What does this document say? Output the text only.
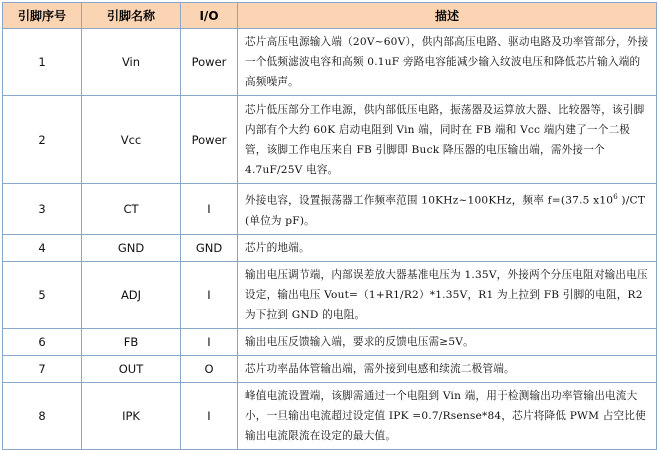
引脚序号	引脚名称	I/O	描述
1	Vin	Power	芯片高压电源输入端（20V~60V），供内部高压电路、驱动电路及功率管部分，外接一个低频滤波电容和高频 0.1uF 旁路电容能减少输入纹波电压和降低芯片输入端的高频噪声。
2	Vcc	Power	芯片低压部分工作电源，供内部低压电路，振荡器及运算放大器、比较器等，该引脚内部有个大约 60K 启动电阻到 Vin 端，同时在 FB 端和 Vcc 端内建了一个二极管，该脚工作电压来自 FB 引脚即 Buck 降压器的电压输出端，需外接一个 4.7uF/25V 电容。
3	CT	I	外接电容，设置振荡器工作频率范围 10KHz~100KHz，频率 f=(37.5 $x10^6$ )/CT (单位为 pF)。
4	GND	GND	芯片的地端。
5	ADJ	I	输出电压调节端，内部误差放大器基准电压为 1.35V，外接两个分压电阻对输出电压设定，输出电压 Vout=（1+R1/R2）*1.35V，R1 为上拉到 FB 引脚的电阻，R2 为下拉到 GND 的电阻。
6	FB	I	输出电压反馈输入端，要求的反馈电压需≥5V。
7	OUT	O	芯片功率晶体管输出端，需外接到电感和续流二极管端。
8	IPK	I	峰值电流设置端，该脚需通过一个电阻到 Vin 端，用于检测输出功率管输出电流大小，一旦输出电流超过设定值 IPK =0.7/Rsense*84，芯片将降低 PWM 占空比使输出电流限流在设定的最大值。
